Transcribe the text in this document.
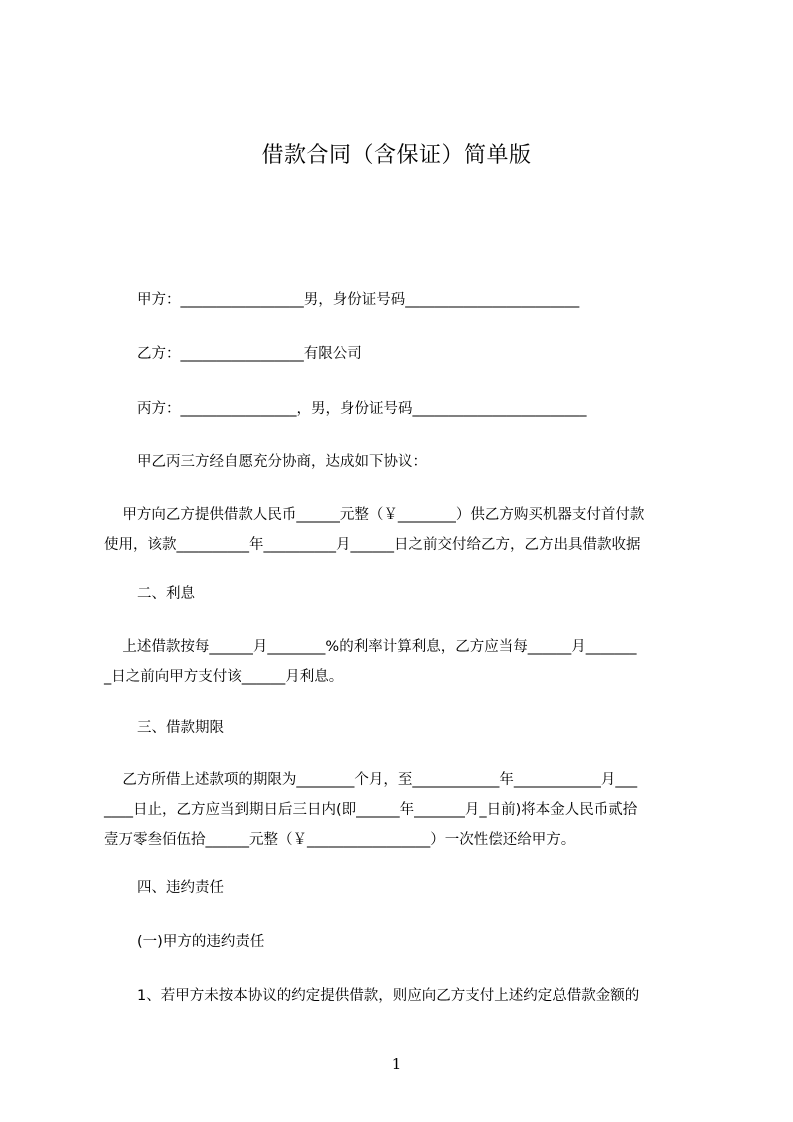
借款合同（含保证）简单版
甲方：_________________男，身份证号码________________________
乙方：_________________有限公司
丙方：________________，男，身份证号码________________________
甲乙丙三方经自愿充分协商，达成如下协议：
甲方向乙方提供借款人民币______元整（￥________）供乙方购买机器支付首付款
使用，该款__________年__________月______日之前交付给乙方，乙方出具借款收据
二、利息
上述借款按每______月________%的利率计算利息，乙方应当每______月_______
_日之前向甲方支付该______月利息。
三、借款期限
乙方所借上述款项的期限为________个月，至____________年____________月___
____日止，乙方应当到期日后三日内(即______年_______月_日前)将本金人民币贰拾
壹万零叁佰伍拾______元整（￥_________________）一次性偿还给甲方。
四、违约责任
(一)甲方的违约责任
1、若甲方未按本协议的约定提供借款，则应向乙方支付上述约定总借款金额的
1
